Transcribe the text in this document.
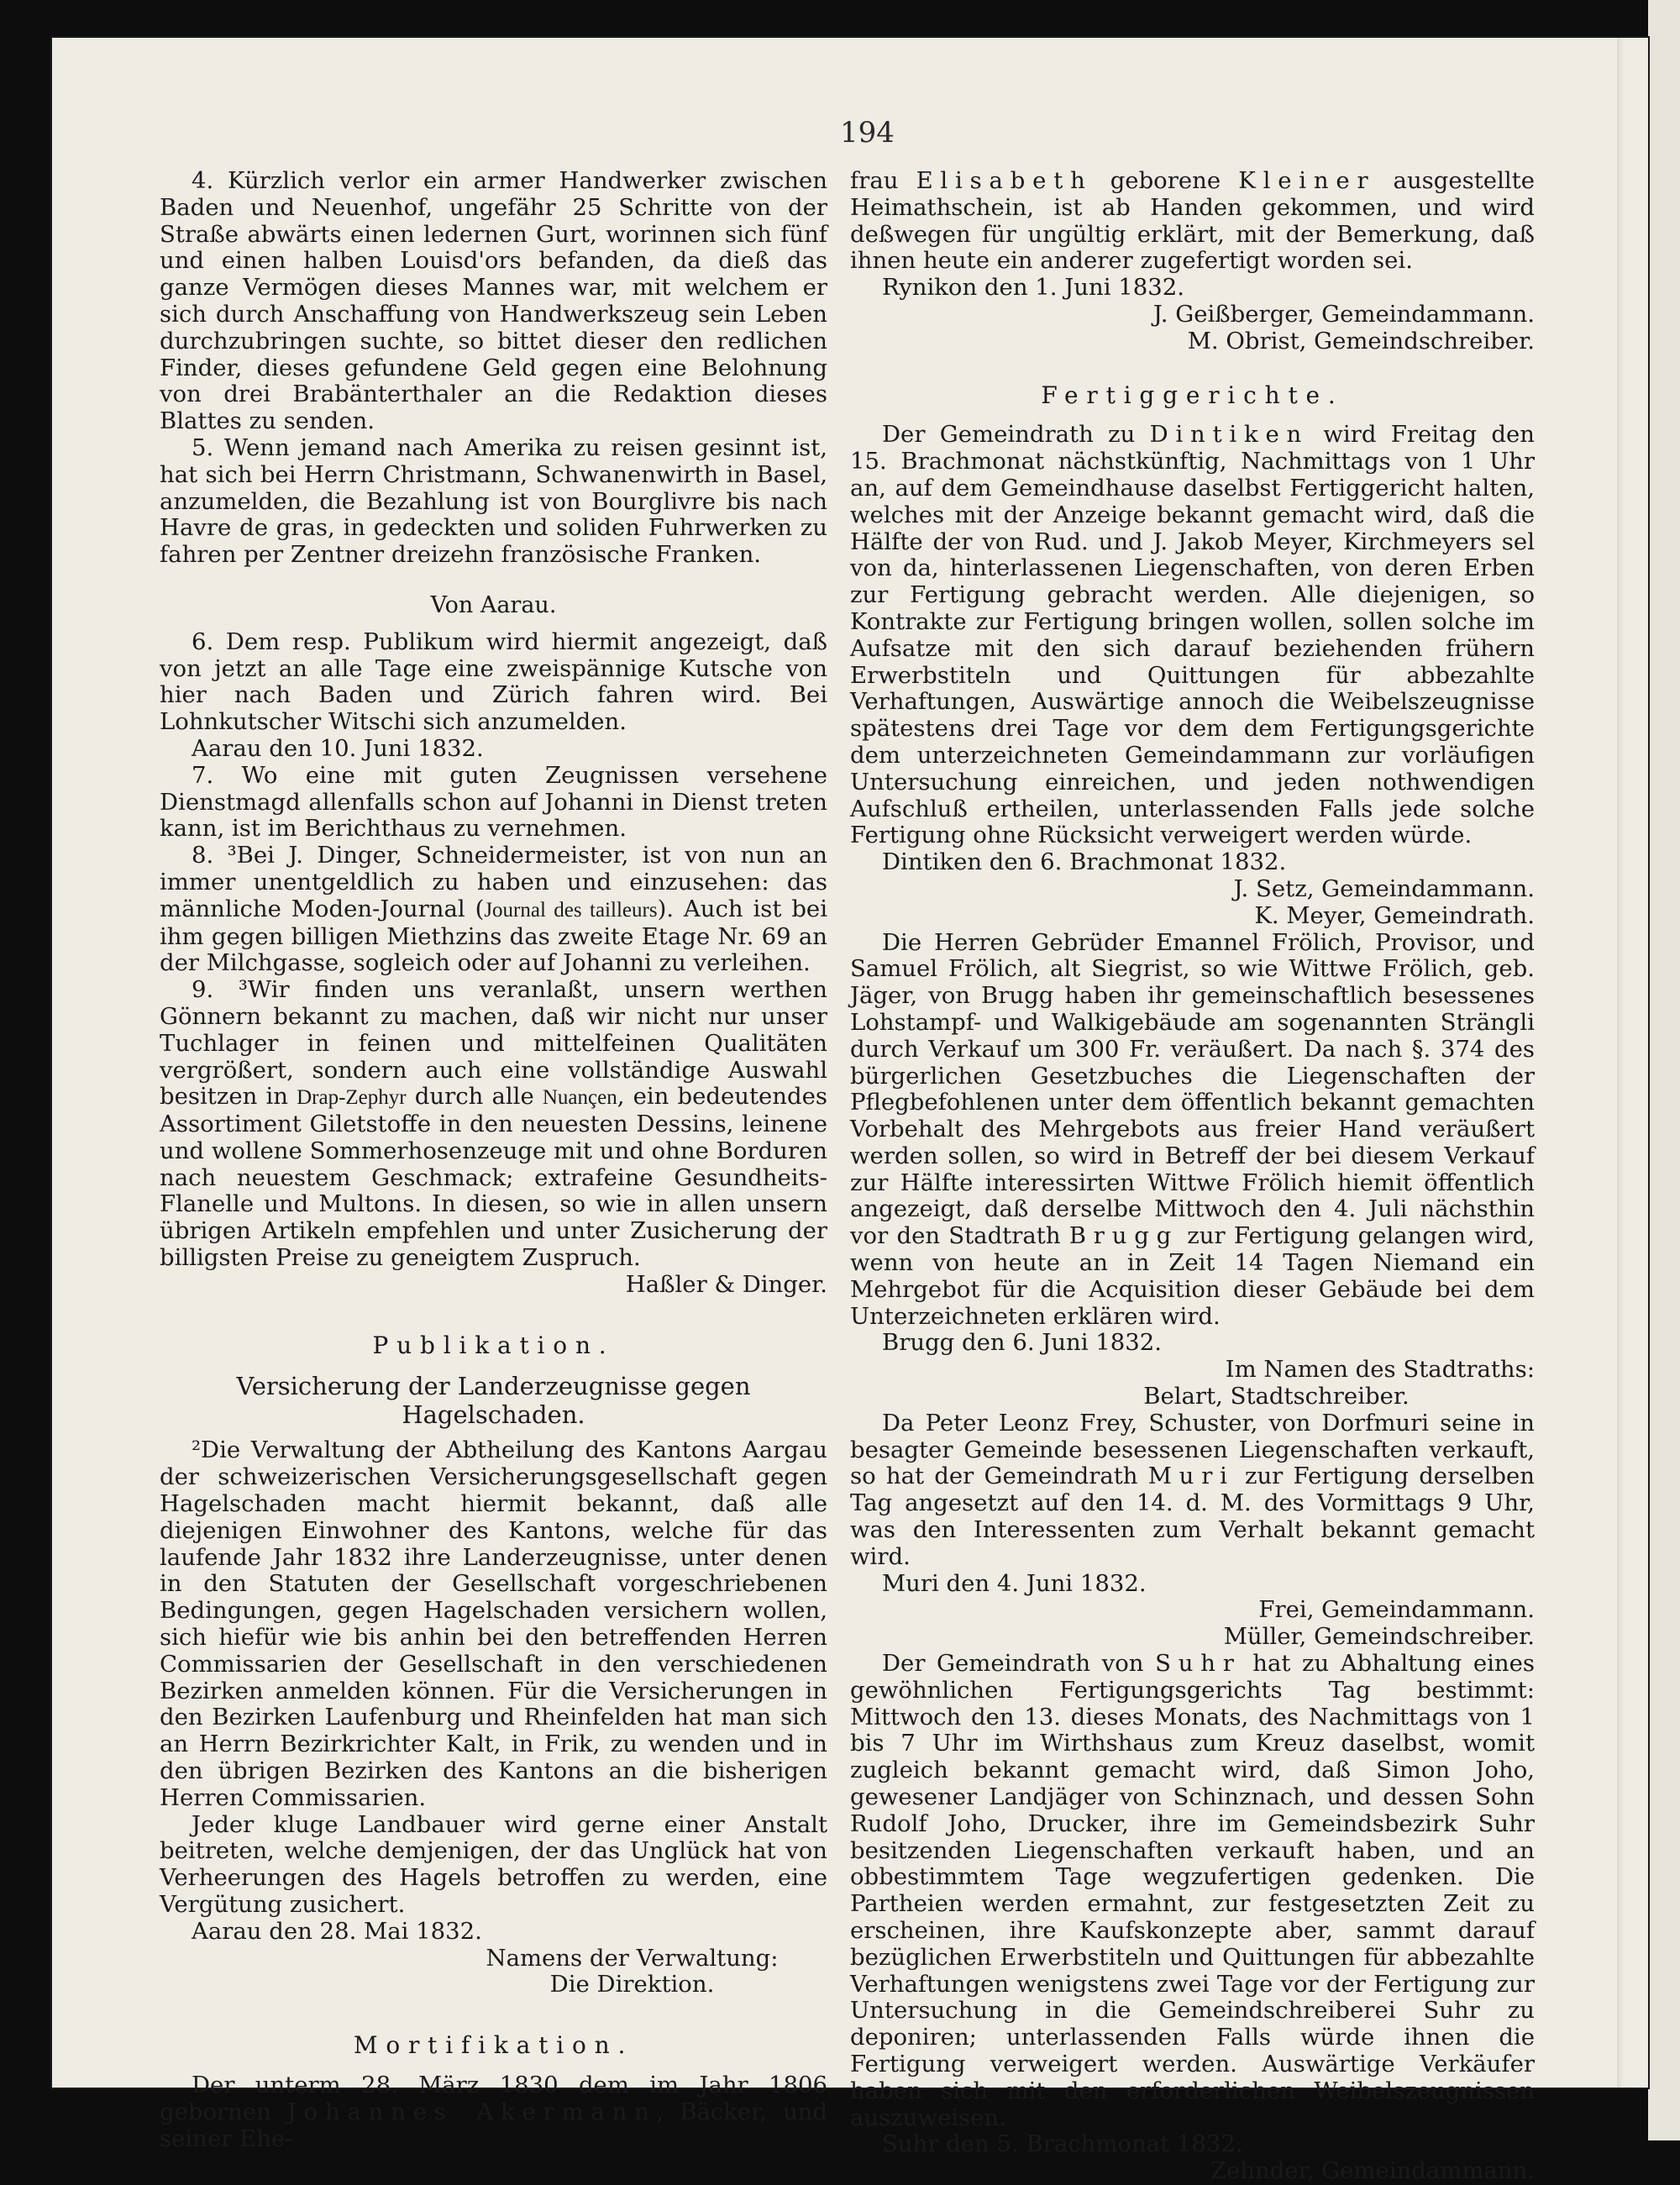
194

4. Kürzlich verlor ein armer Handwerker zwischen Baden und Neuenhof, ungefähr 25 Schritte von der Straße abwärts einen ledernen Gurt, worinnen sich fünf und einen halben Louisd'ors befanden, da dieß das ganze Vermögen dieses Mannes war, mit welchem er sich durch Anschaffung von Handwerkszeug sein Leben durchzubringen suchte, so bittet dieser den redlichen Finder, dieses gefundene Geld gegen eine Belohnung von drei Brabänterthaler an die Redaktion dieses Blattes zu senden.

5. Wenn jemand nach Amerika zu reisen gesinnt ist, hat sich bei Herrn Christmann, Schwanenwirth in Basel, anzumelden, die Bezahlung ist von Bourglivre bis nach Havre de gras, in gedeckten und soliden Fuhrwerken zu fahren per Zentner dreizehn französische Franken.

Von Aarau.

6. Dem resp. Publikum wird hiermit angezeigt, daß von jetzt an alle Tage eine zweispännige Kutsche von hier nach Baden und Zürich fahren wird. Bei Lohnkutscher Witschi sich anzumelden.

Aarau den 10. Juni 1832.

7. Wo eine mit guten Zeugnissen versehene Dienstmagd allenfalls schon auf Johanni in Dienst treten kann, ist im Berichthaus zu vernehmen.

8. ³Bei J. Dinger, Schneidermeister, ist von nun an immer unentgeldlich zu haben und einzusehen: das männliche Moden-Journal (Journal des tailleurs). Auch ist bei ihm gegen billigen Miethzins das zweite Etage Nr. 69 an der Milchgasse, sogleich oder auf Johanni zu verleihen.

9. ³Wir finden uns veranlaßt, unsern werthen Gönnern bekannt zu machen, daß wir nicht nur unser Tuchlager in feinen und mittelfeinen Qualitäten vergrößert, sondern auch eine vollständige Auswahl besitzen in Drap-Zephyr durch alle Nuançen, ein bedeutendes Assortiment Giletstoffe in den neuesten Dessins, leinene und wollene Sommerhosenzeuge mit und ohne Borduren nach neuestem Geschmack; extrafeine Gesundheits-Flanelle und Multons. In diesen, so wie in allen unsern übrigen Artikeln empfehlen und unter Zusicherung der billigsten Preise zu geneigtem Zuspruch.

Haßler & Dinger.

Publikation.

Versicherung der Landerzeugnisse gegen Hagelschaden.

²Die Verwaltung der Abtheilung des Kantons Aargau der schweizerischen Versicherungsgesellschaft gegen Hagelschaden macht hiermit bekannt, daß alle diejenigen Einwohner des Kantons, welche für das laufende Jahr 1832 ihre Landerzeugnisse, unter denen in den Statuten der Gesellschaft vorgeschriebenen Bedingungen, gegen Hagelschaden versichern wollen, sich hiefür wie bis anhin bei den betreffenden Herren Commissarien der Gesellschaft in den verschiedenen Bezirken anmelden können. Für die Versicherungen in den Bezirken Laufenburg und Rheinfelden hat man sich an Herrn Bezirkrichter Kalt, in Frik, zu wenden und in den übrigen Bezirken des Kantons an die bisherigen Herren Commissarien.

Jeder kluge Landbauer wird gerne einer Anstalt beitreten, welche demjenigen, der das Unglück hat von Verheerungen des Hagels betroffen zu werden, eine Vergütung zusichert.

Aarau den 28. Mai 1832.

Namens der Verwaltung:

Die Direktion.

Mortifikation.

Der unterm 28. März 1830 dem im Jahr 1806 gebornen Johannes Akermann, Bäcker, und seiner Ehe-

frau Elisabeth geborene Kleiner ausgestellte Heimathschein, ist ab Handen gekommen, und wird deßwegen für ungültig erklärt, mit der Bemerkung, daß ihnen heute ein anderer zugefertigt worden sei.

Rynikon den 1. Juni 1832.

J. Geißberger, Gemeindammann.

M. Obrist, Gemeindschreiber.

Fertiggerichte.

Der Gemeindrath zu Dintiken wird Freitag den 15. Brachmonat nächstkünftig, Nachmittags von 1 Uhr an, auf dem Gemeindhause daselbst Fertiggericht halten, welches mit der Anzeige bekannt gemacht wird, daß die Hälfte der von Rud. und J. Jakob Meyer, Kirchmeyers sel von da, hinterlassenen Liegenschaften, von deren Erben zur Fertigung gebracht werden. Alle diejenigen, so Kontrakte zur Fertigung bringen wollen, sollen solche im Aufsatze mit den sich darauf beziehenden frühern Erwerbstiteln und Quittungen für abbezahlte Verhaftungen, Auswärtige annoch die Weibelszeugnisse spätestens drei Tage vor dem dem Fertigungsgerichte dem unterzeichneten Gemeindammann zur vorläufigen Untersuchung einreichen, und jeden nothwendigen Aufschluß ertheilen, unterlassenden Falls jede solche Fertigung ohne Rücksicht verweigert werden würde.

Dintiken den 6. Brachmonat 1832.

J. Setz, Gemeindammann.

K. Meyer, Gemeindrath.

Die Herren Gebrüder Emannel Frölich, Provisor, und Samuel Frölich, alt Siegrist, so wie Wittwe Frölich, geb. Jäger, von Brugg haben ihr gemeinschaftlich besessenes Lohstampf- und Walkigebäude am sogenannten Strängli durch Verkauf um 300 Fr. veräußert. Da nach §. 374 des bürgerlichen Gesetzbuches die Liegenschaften der Pflegbefohlenen unter dem öffentlich bekannt gemachten Vorbehalt des Mehrgebots aus freier Hand veräußert werden sollen, so wird in Betreff der bei diesem Verkauf zur Hälfte interessirten Wittwe Frölich hiemit öffentlich angezeigt, daß derselbe Mittwoch den 4. Juli nächsthin vor den Stadtrath Brugg zur Fertigung gelangen wird, wenn von heute an in Zeit 14 Tagen Niemand ein Mehrgebot für die Acquisition dieser Gebäude bei dem Unterzeichneten erklären wird.

Brugg den 6. Juni 1832.

Im Namen des Stadtraths:

Belart, Stadtschreiber.

Da Peter Leonz Frey, Schuster, von Dorfmuri seine in besagter Gemeinde besessenen Liegenschaften verkauft, so hat der Gemeindrath Muri zur Fertigung derselben Tag angesetzt auf den 14. d. M. des Vormittags 9 Uhr, was den Interessenten zum Verhalt bekannt gemacht wird.

Muri den 4. Juni 1832.

Frei, Gemeindammann.

Müller, Gemeindschreiber.

Der Gemeindrath von Suhr hat zu Abhaltung eines gewöhnlichen Fertigungsgerichts Tag bestimmt: Mittwoch den 13. dieses Monats, des Nachmittags von 1 bis 7 Uhr im Wirthshaus zum Kreuz daselbst, womit zugleich bekannt gemacht wird, daß Simon Joho, gewesener Landjäger von Schinznach, und dessen Sohn Rudolf Joho, Drucker, ihre im Gemeindsbezirk Suhr besitzenden Liegenschaften verkauft haben, und an obbestimmtem Tage wegzufertigen gedenken. Die Partheien werden ermahnt, zur festgesetzten Zeit zu erscheinen, ihre Kaufskonzepte aber, sammt darauf bezüglichen Erwerbstiteln und Quittungen für abbezahlte Verhaftungen wenigstens zwei Tage vor der Fertigung zur Untersuchung in die Gemeindschreiberei Suhr zu deponiren; unterlassenden Falls würde ihnen die Fertigung verweigert werden. Auswärtige Verkäufer haben sich mit den erforderlichen Weibelszeugnissen auszuweisen.

Suhr den 5. Brachmonat 1832.

Zehnder, Gemeindammann.
